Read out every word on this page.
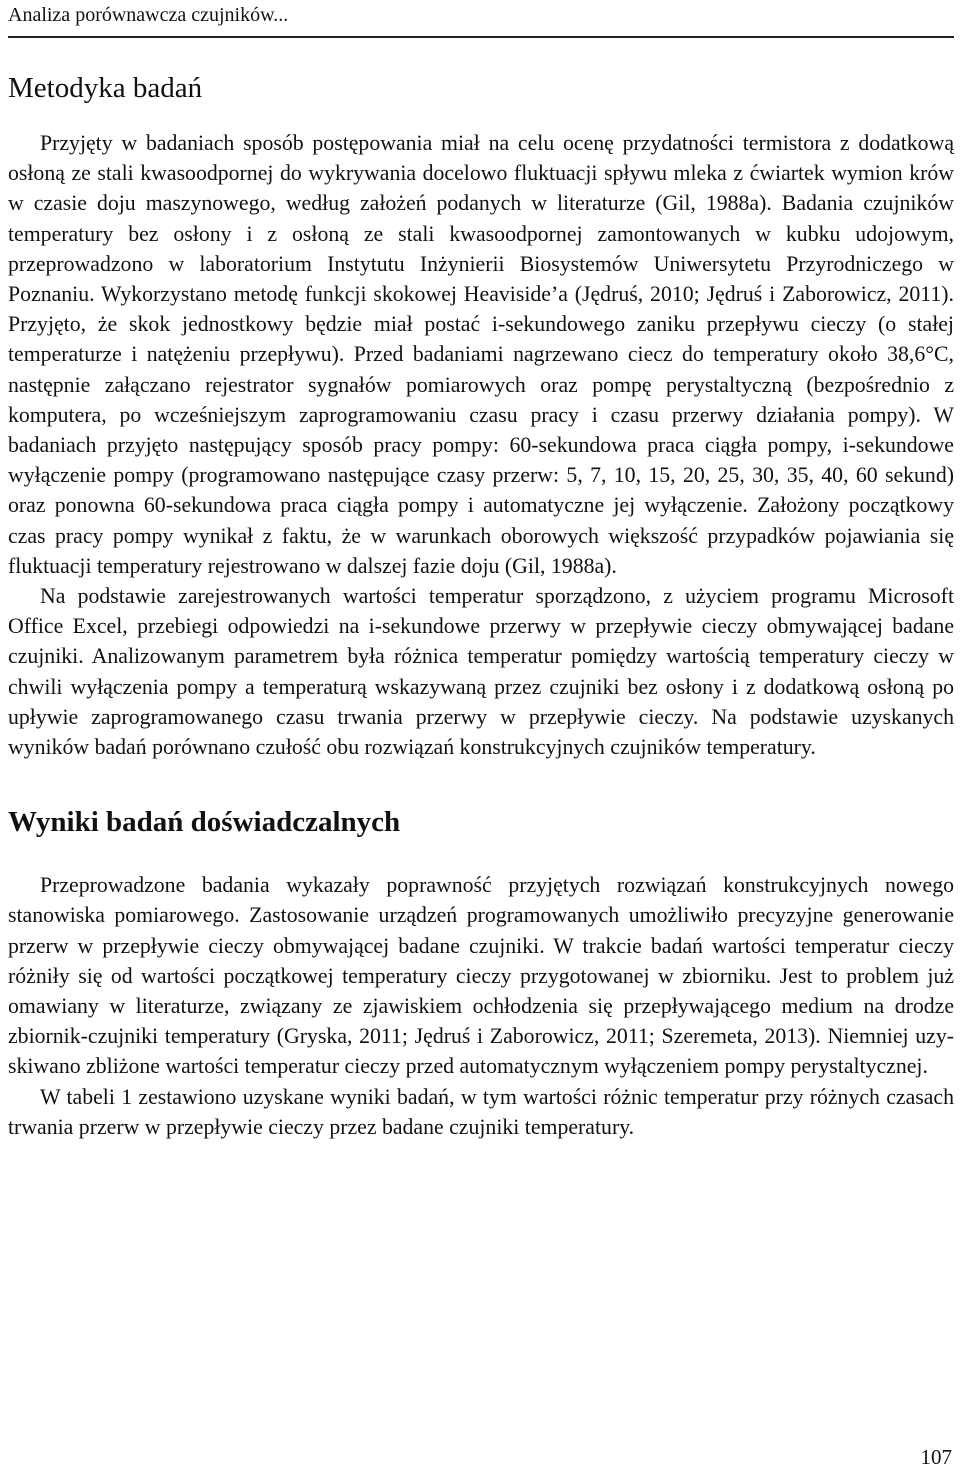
Analiza porównawcza czujników...
Metodyka badań

Przyjęty w badaniach sposób postępowania miał na celu ocenę przydatności termistora z dodatkową osłoną ze stali kwasoodpornej do wykrywania docelowo fluktuacji spływu mleka z ćwiartek wymion krów w czasie doju maszynowego, według założeń podanych w literaturze (Gil, 1988a). Badania czujników temperatury bez osłony i z osłoną ze stali kwasoodpornej zamontowanych w kubku udojowym, przeprowadzono w laboratorium Instytutu Inżynierii Biosystemów Uniwersytetu Przyrodniczego w Poznaniu. Wykorzystano metodę funkcji skokowej Heaviside’a (Jędruś, 2010; Jędruś i Zaborowicz, 2011). Przyjęto, że skok jednostkowy będzie miał postać i-sekundowego zaniku przepływu cieczy (o stałej temperaturze i natężeniu przepływu). Przed badaniami nagrzewano ciecz do temperatury około 38,6°C, następnie załączano rejestrator sygnałów pomiarowych oraz pompę perystaltyczną (bezpośrednio z komputera, po wcześniejszym zaprogramowaniu czasu pracy i czasu przerwy działania pompy). W badaniach przyjęto następujący sposób pracy pompy: 60-sekundowa praca ciągła pompy, i-sekundowe wyłączenie pompy (programowano następujące czasy przerw: 5, 7, 10, 15, 20, 25, 30, 35, 40, 60 sekund) oraz ponowna 60-sekundowa praca ciągła pompy i automatyczne jej wyłączenie. Założony początkowy czas pracy pompy wynikał z faktu, że w warunkach oborowych większość przypadków pojawiania się fluktuacji temperatury rejestrowano w dalszej fazie doju (Gil, 1988a).

Na podstawie zarejestrowanych wartości temperatur sporządzono, z użyciem programu Microsoft Office Excel, przebiegi odpowiedzi na i-sekundowe przerwy w przepływie cieczy obmywającej badane czujniki. Analizowanym parametrem była różnica temperatur pomiędzy wartością temperatury cieczy w chwili wyłączenia pompy a temperaturą wskazywaną przez czujniki bez osłony i z dodatkową osłoną po upływie zaprogramowanego czasu trwania przerwy w przepływie cieczy. Na podstawie uzyskanych wyników badań porównano czułość obu rozwiązań konstrukcyjnych czujników temperatury.

Wyniki badań doświadczalnych

Przeprowadzone badania wykazały poprawność przyjętych rozwiązań konstrukcyjnych nowego stanowiska pomiarowego. Zastosowanie urządzeń programowanych umożliwiło precyzyjne generowanie przerw w przepływie cieczy obmywającej badane czujniki. W trakcie badań wartości temperatur cieczy różniły się od wartości początkowej temperatury cieczy przygotowanej w zbiorniku. Jest to problem już omawiany w literaturze, związany ze zjawiskiem ochłodzenia się przepływającego medium na drodze zbiornik-czujniki temperatury (Gryska, 2011; Jędruś i Zaborowicz, 2011; Szeremeta, 2013). Niemniej uzyskiwano zbliżone wartości temperatur cieczy przed automatycznym wyłączeniem pompy perystaltycznej.

W tabeli 1 zestawiono uzyskane wyniki badań, w tym wartości różnic temperatur przy różnych czasach trwania przerw w przepływie cieczy przez badane czujniki temperatury.

107
